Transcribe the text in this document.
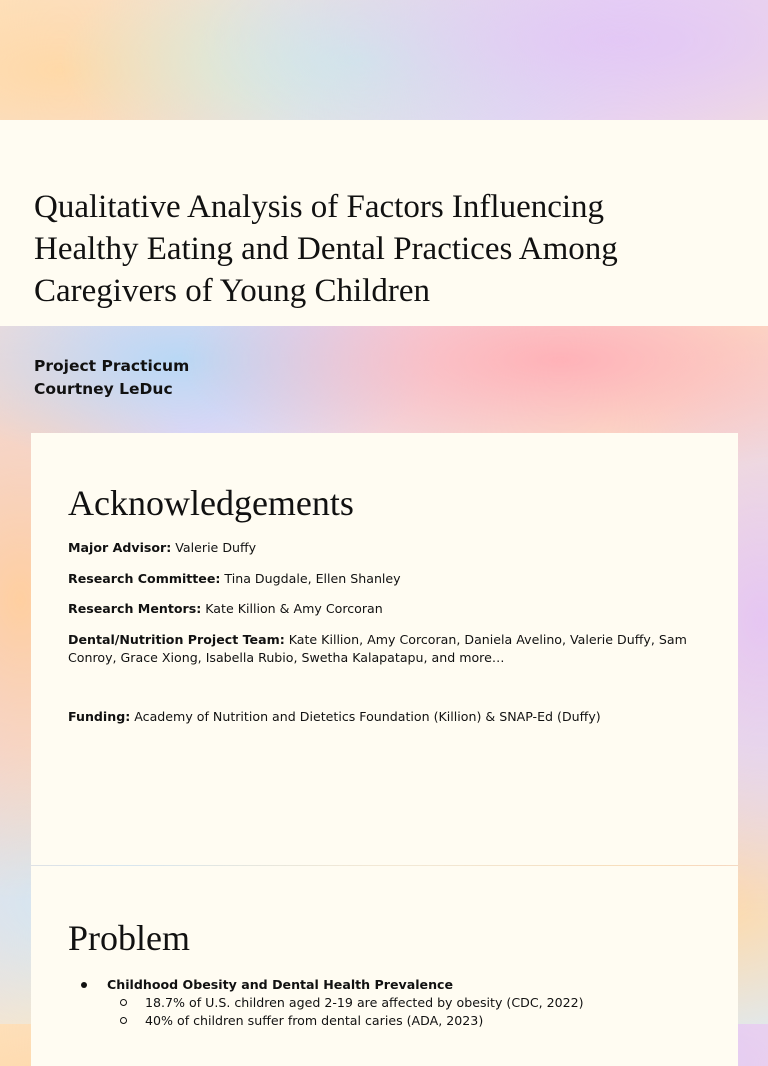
Qualitative Analysis of Factors Influencing
Healthy Eating and Dental Practices Among
Caregivers of Young Children
Project Practicum
Courtney LeDuc
Acknowledgements
Major Advisor: Valerie Duffy
Research Committee: Tina Dugdale, Ellen Shanley
Research Mentors: Kate Killion & Amy Corcoran
Dental/Nutrition Project Team: Kate Killion, Amy Corcoran, Daniela Avelino, Valerie Duffy, Sam Conroy, Grace Xiong, Isabella Rubio, Swetha Kalapatapu, and more…
Funding: Academy of Nutrition and Dietetics Foundation (Killion) & SNAP-Ed (Duffy)
Problem
Childhood Obesity and Dental Health Prevalence
18.7% of U.S. children aged 2-19 are affected by obesity (CDC, 2022)
40% of children suffer from dental caries (ADA, 2023)
